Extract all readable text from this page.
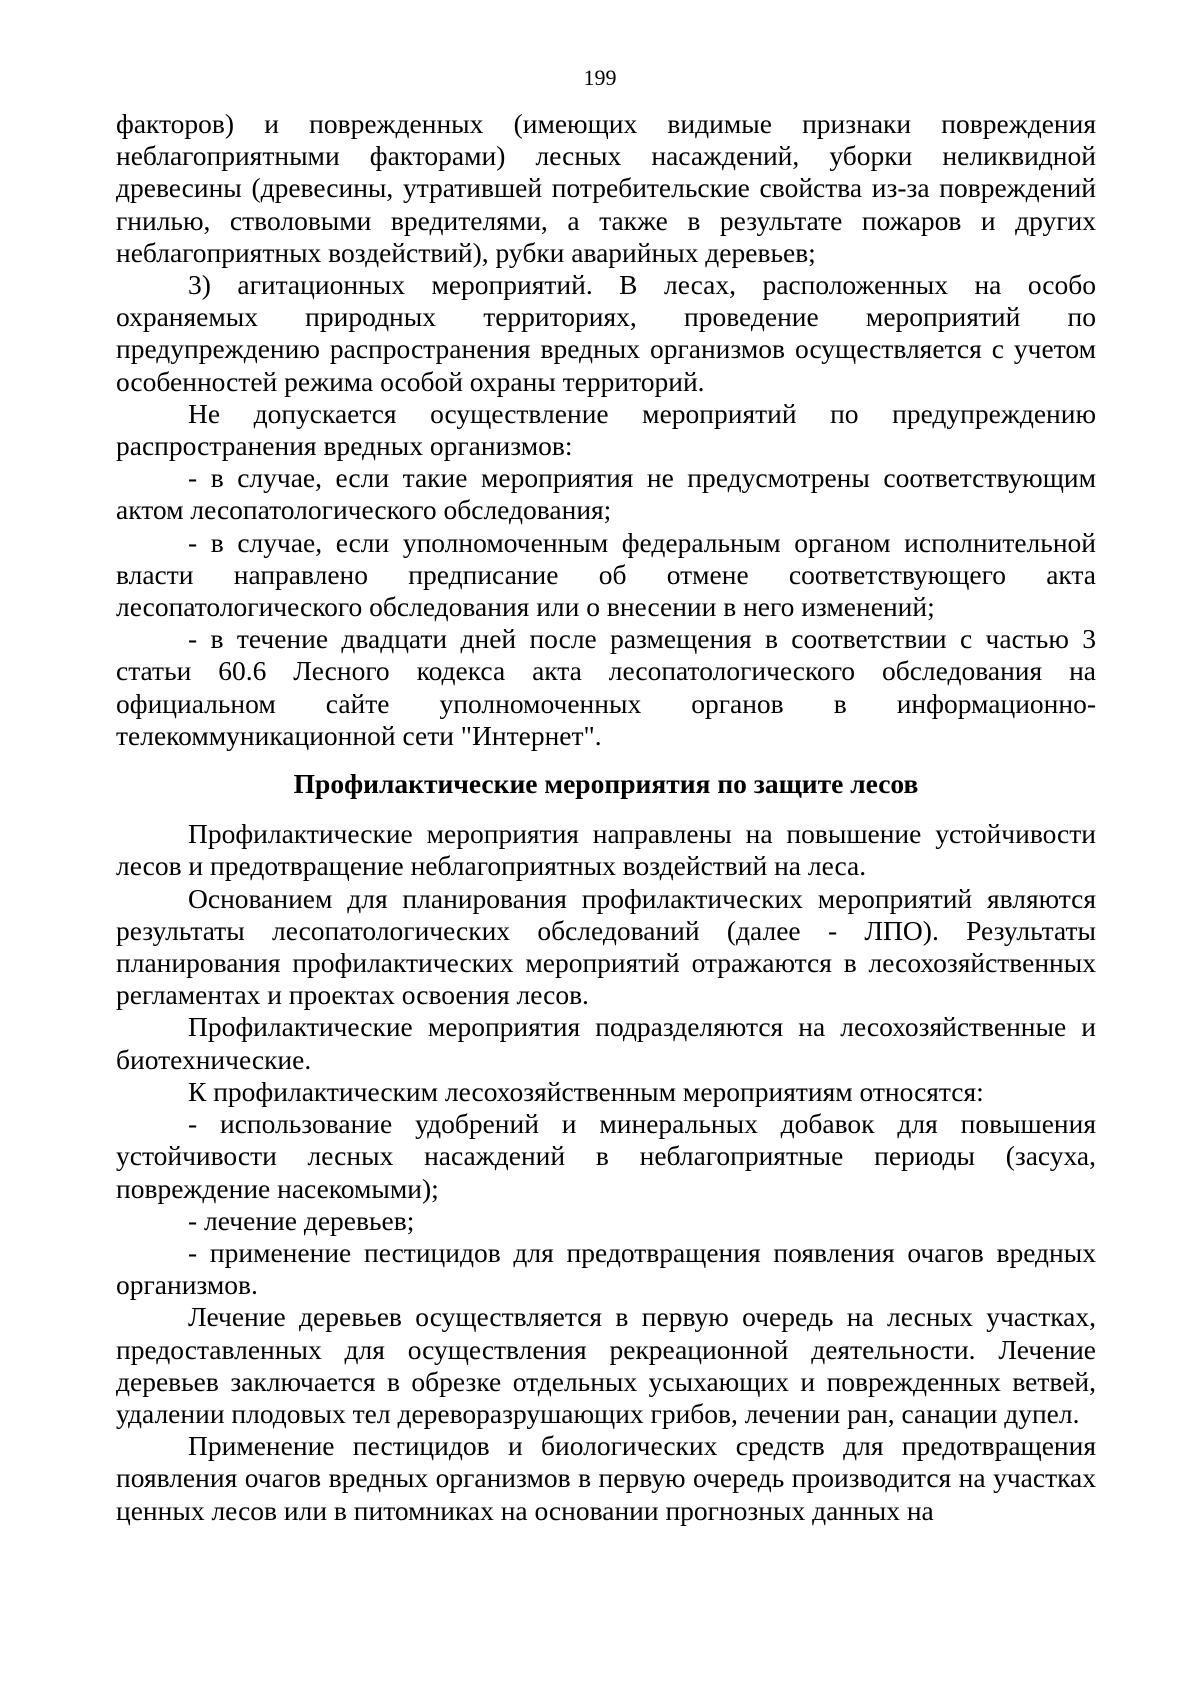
199

факторов) и поврежденных (имеющих видимые признаки повреждения неблагоприятными факторами) лесных насаждений, уборки неликвидной древесины (древесины, утратившей потребительские свойства из-за повреждений гнилью, стволовыми вредителями, а также в результате пожаров и других неблагоприятных воздействий), рубки аварийных деревьев;

3) агитационных мероприятий. В лесах, расположенных на особо охраняемых природных территориях, проведение мероприятий по предупреждению распространения вредных организмов осуществляется с учетом особенностей режима особой охраны территорий.

Не допускается осуществление мероприятий по предупреждению распространения вредных организмов:

- в случае, если такие мероприятия не предусмотрены соответствующим актом лесопатологического обследования;

- в случае, если уполномоченным федеральным органом исполнительной власти направлено предписание об отмене соответствующего акта лесопатологического обследования или о внесении в него изменений;

- в течение двадцати дней после размещения в соответствии с частью 3 статьи 60.6 Лесного кодекса акта лесопатологического обследования на официальном сайте уполномоченных органов в информационно-телекоммуникационной сети "Интернет".

Профилактические мероприятия по защите лесов

Профилактические мероприятия направлены на повышение устойчивости лесов и предотвращение неблагоприятных воздействий на леса.

Основанием для планирования профилактических мероприятий являются результаты лесопатологических обследований (далее - ЛПО). Результаты планирования профилактических мероприятий отражаются в лесохозяйственных регламентах и проектах освоения лесов.

Профилактические мероприятия подразделяются на лесохозяйственные и биотехнические.

К профилактическим лесохозяйственным мероприятиям относятся:

- использование удобрений и минеральных добавок для повышения устойчивости лесных насаждений в неблагоприятные периоды (засуха, повреждение насекомыми);

- лечение деревьев;

- применение пестицидов для предотвращения появления очагов вредных организмов.

Лечение деревьев осуществляется в первую очередь на лесных участках, предоставленных для осуществления рекреационной деятельности. Лечение деревьев заключается в обрезке отдельных усыхающих и поврежденных ветвей, удалении плодовых тел дереворазрушающих грибов, лечении ран, санации дупел.

Применение пестицидов и биологических средств для предотвращения появления очагов вредных организмов в первую очередь производится на участках ценных лесов или в питомниках на основании прогнозных данных на
